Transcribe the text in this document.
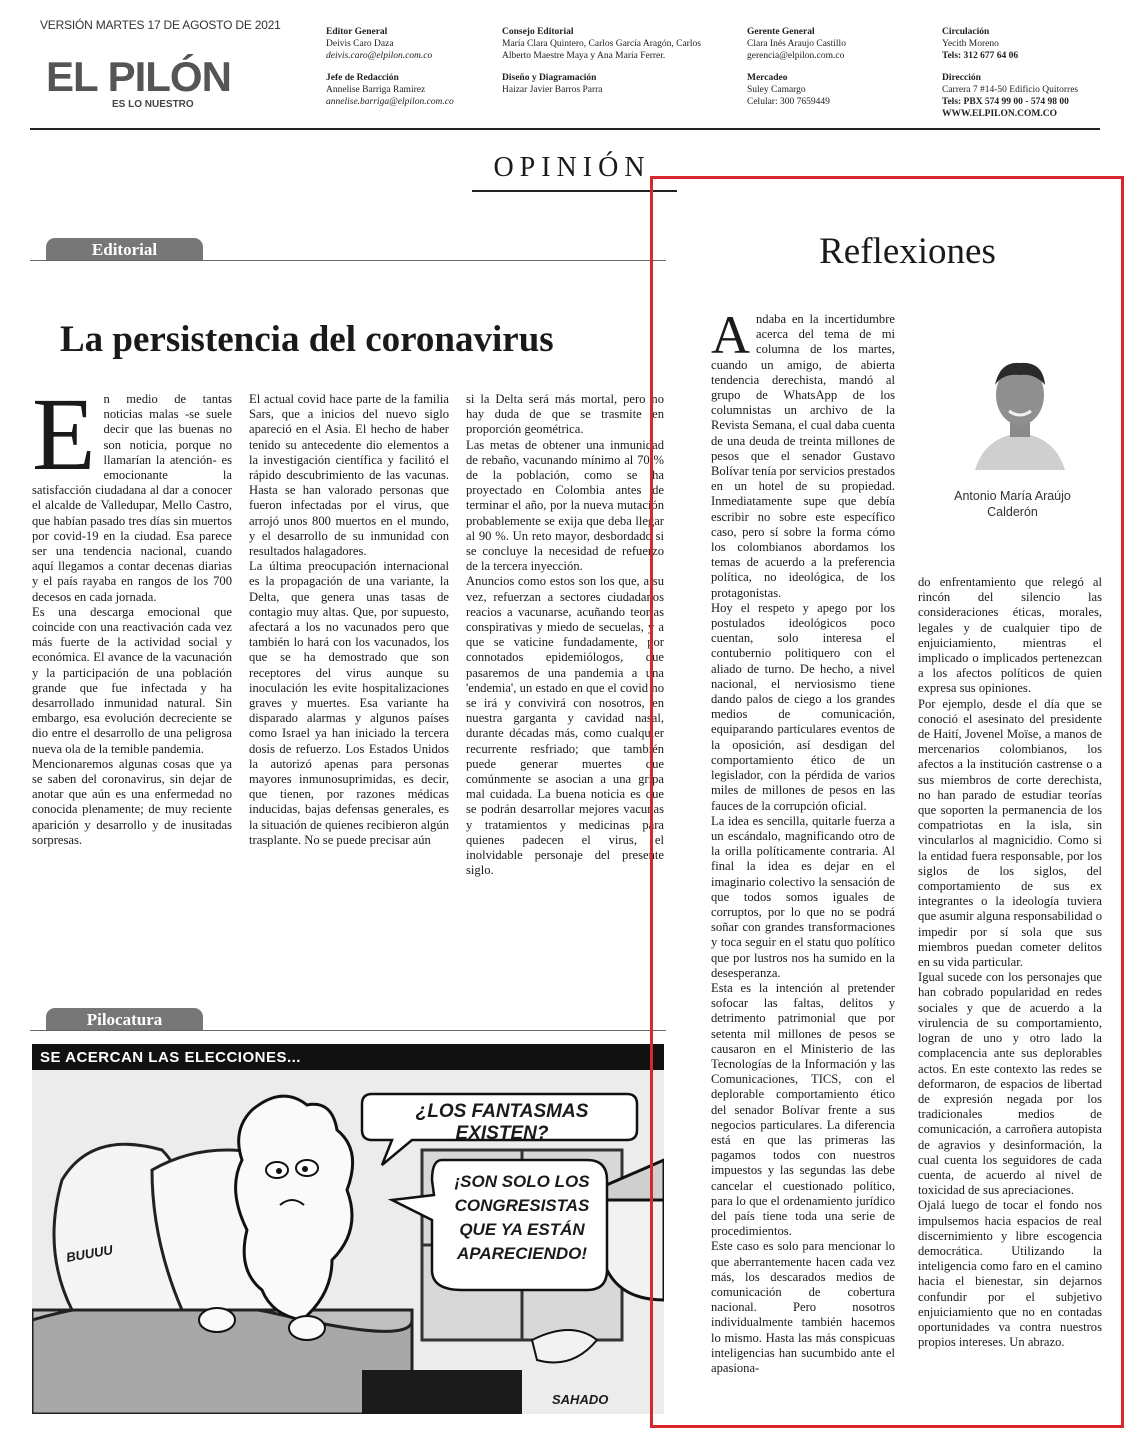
VERSIÓN MARTES 17 DE AGOSTO DE 2021
EL PILÓN
ES LO NUESTRO
Editor General
Deivis Caro Daza
deivis.caro@elpilon.com.co
Jefe de Redacción
Annelise Barriga Ramírez
annelise.barriga@elpilon.com.co
Consejo Editorial
María Clara Quintero, Carlos García Aragón, Carlos Alberto Maestre Maya y Ana María Ferrer.
Diseño y Diagramación
Haizar Javier Barros Parra
Gerente General
Clara Inés Araujo Castillo
gerencia@elpilon.com.co
Mercadeo
Suley Camargo
Celular: 300 7659449
Circulación
Yecith Moreno
Tels: 312 677 64 06
Dirección
Carrera 7 #14-50 Edificio Quitorres
Tels: PBX 574 99 00 - 574 98 00
WWW.ELPILON.COM.CO
OPINIÓN
Editorial
La persistencia del coronavirus
E n medio de tantas noticias malas -se suele decir que las buenas no son noticia, porque no llamarían la atención- es emocionante la satisfacción ciudadana al dar a conocer el alcalde de Valledupar, Mello Castro, que habían pasado tres días sin muertos por covid-19 en la ciudad. Esa parece ser una tendencia nacional, cuando aquí llegamos a contar decenas diarias y el país rayaba en rangos de los 700 decesos en cada jornada.

Es una descarga emocional que coincide con una reactivación cada vez más fuerte de la actividad social y económica. El avance de la vacunación y la participación de una población grande que fue infectada y ha desarrollado inmunidad natural. Sin embargo, esa evolución decreciente se dio entre el desarrollo de una peligrosa nueva ola de la temible pandemia.

Mencionaremos algunas cosas que ya se saben del coronavirus, sin dejar de anotar que aún es una enfermedad no conocida plenamente; de muy reciente aparición y desarrollo y de inusitadas sorpresas.

El actual covid hace parte de la familia Sars, que a inicios del nuevo siglo apareció en el Asia. El hecho de haber tenido su antecedente dio elementos a la investigación científica y facilitó el rápido descubrimiento de las vacunas. Hasta se han valorado personas que fueron infectadas por el virus, que arrojó unos 800 muertos en el mundo, y el desarrollo de su inmunidad con resultados halagadores.

La última preocupación internacional es la propagación de una variante, la Delta, que genera unas tasas de contagio muy altas. Que, por supuesto, afectará a los no vacunados pero que también lo hará con los vacunados, los que se ha demostrado que son receptores del virus aunque su inoculación les evite hospitalizaciones graves y muertes. Esa variante ha disparado alarmas y algunos países como Israel ya han iniciado la tercera dosis de refuerzo. Los Estados Unidos la autorizó apenas para personas mayores inmunosuprimidas, es decir, que tienen, por razones médicas inducidas, bajas defensas generales, es la situación de quienes recibieron algún trasplante. No se puede precisar aún

si la Delta será más mortal, pero no hay duda de que se trasmite en proporción geométrica.

Las metas de obtener una inmunidad de rebaño, vacunando mínimo al 70 % de la población, como se ha proyectado en Colombia antes de terminar el año, por la nueva mutación probablemente se exija que deba llegar al 90 %. Un reto mayor, desbordado si se concluye la necesidad de refuerzo de la tercera inyección.

Anuncios como estos son los que, a su vez, refuerzan a sectores ciudadanos reacios a vacunarse, acuñando teorías conspirativas y miedo de secuelas, y a que se vaticine fundadamente, por connotados epidemiólogos, que pasaremos de una pandemia a una 'endemia', un estado en que el covid no se irá y convivirá con nosotros, en nuestra garganta y cavidad nasal, durante décadas más, como cualquier recurrente resfriado; que también puede generar muertes que comúnmente se asocian a una gripa mal cuidada. La buena noticia es que se podrán desarrollar mejores vacunas y tratamientos y medicinas para quienes padecen el virus, el inolvidable personaje del presente siglo.

Pilocatura
SE ACERCAN LAS ELECCIONES...
¿LOS FANTASMAS EXISTEN?
¡SON SOLO LOS CONGRESISTAS QUE YA ESTÁN APARECIENDO!
BUUUU
SAHADO
Reflexiones
Antonio María Araújo Calderón
A ndaba en la incertidumbre acerca del tema de mi columna de los martes, cuando un amigo, de abierta tendencia derechista, mandó al grupo de WhatsApp de los columnistas un archivo de la Revista Semana, el cual daba cuenta de una deuda de treinta millones de pesos que el senador Gustavo Bolívar tenía por servicios prestados en un hotel de su propiedad. Inmediatamente supe que debía escribir no sobre este específico caso, pero sí sobre la forma cómo los colombianos abordamos los temas de acuerdo a la preferencia política, no ideológica, de los protagonistas.

Hoy el respeto y apego por los postulados ideológicos poco cuentan, solo interesa el contubernio politiquero con el aliado de turno. De hecho, a nivel nacional, el nerviosismo tiene dando palos de ciego a los grandes medios de comunicación, equiparando particulares eventos de la oposición, así desdigan del comportamiento ético de un legislador, con la pérdida de varios miles de millones de pesos en las fauces de la corrupción oficial.

La idea es sencilla, quitarle fuerza a un escándalo, magnificando otro de la orilla políticamente contraria. Al final la idea es dejar en el imaginario colectivo la sensación de que todos somos iguales de corruptos, por lo que no se podrá soñar con grandes transformaciones y toca seguir en el statu quo político que por lustros nos ha sumido en la desesperanza.

Esta es la intención al pretender sofocar las faltas, delitos y detrimento patrimonial que por setenta mil millones de pesos se causaron en el Ministerio de las Tecnologías de la Información y las Comunicaciones, TICS, con el deplorable comportamiento ético del senador Bolívar frente a sus negocios particulares. La diferencia está en que las primeras las pagamos todos con nuestros impuestos y las segundas las debe cancelar el cuestionado político, para lo que el ordenamiento jurídico del país tiene toda una serie de procedimientos.

Este caso es solo para mencionar lo que aberrantemente hacen cada vez más, los descarados medios de comunicación de cobertura nacional. Pero nosotros individualmente también hacemos lo mismo. Hasta las más conspicuas inteligencias han sucumbido ante el apasiona-

do enfrentamiento que relegó al rincón del silencio las consideraciones éticas, morales, legales y de cualquier tipo de enjuiciamiento, mientras el implicado o implicados pertenezcan a los afectos políticos de quien expresa sus opiniones.

Por ejemplo, desde el día que se conoció el asesinato del presidente de Haití, Jovenel Moïse, a manos de mercenarios colombianos, los afectos a la institución castrense o a sus miembros de corte derechista, no han parado de estudiar teorías que soporten la permanencia de los compatriotas en la isla, sin vincularlos al magnicidio. Como si la entidad fuera responsable, por los siglos de los siglos, del comportamiento de sus ex integrantes o la ideología tuviera que asumir alguna responsabilidad o impedir por sí sola que sus miembros puedan cometer delitos en su vida particular.

Igual sucede con los personajes que han cobrado popularidad en redes sociales y que de acuerdo a la virulencia de su comportamiento, logran de uno y otro lado la complacencia ante sus deplorables actos. En este contexto las redes se deformaron, de espacios de libertad de expresión negada por los tradicionales medios de comunicación, a carroñera autopista de agravios y desinformación, la cual cuenta los seguidores de cada cuenta, de acuerdo al nivel de toxicidad de sus apreciaciones.

Ojalá luego de tocar el fondo nos impulsemos hacia espacios de real discernimiento y libre escogencia democrática. Utilizando la inteligencia como faro en el camino hacia el bienestar, sin dejarnos confundir por el subjetivo enjuiciamiento que no en contadas oportunidades va contra nuestros propios intereses. Un abrazo.
